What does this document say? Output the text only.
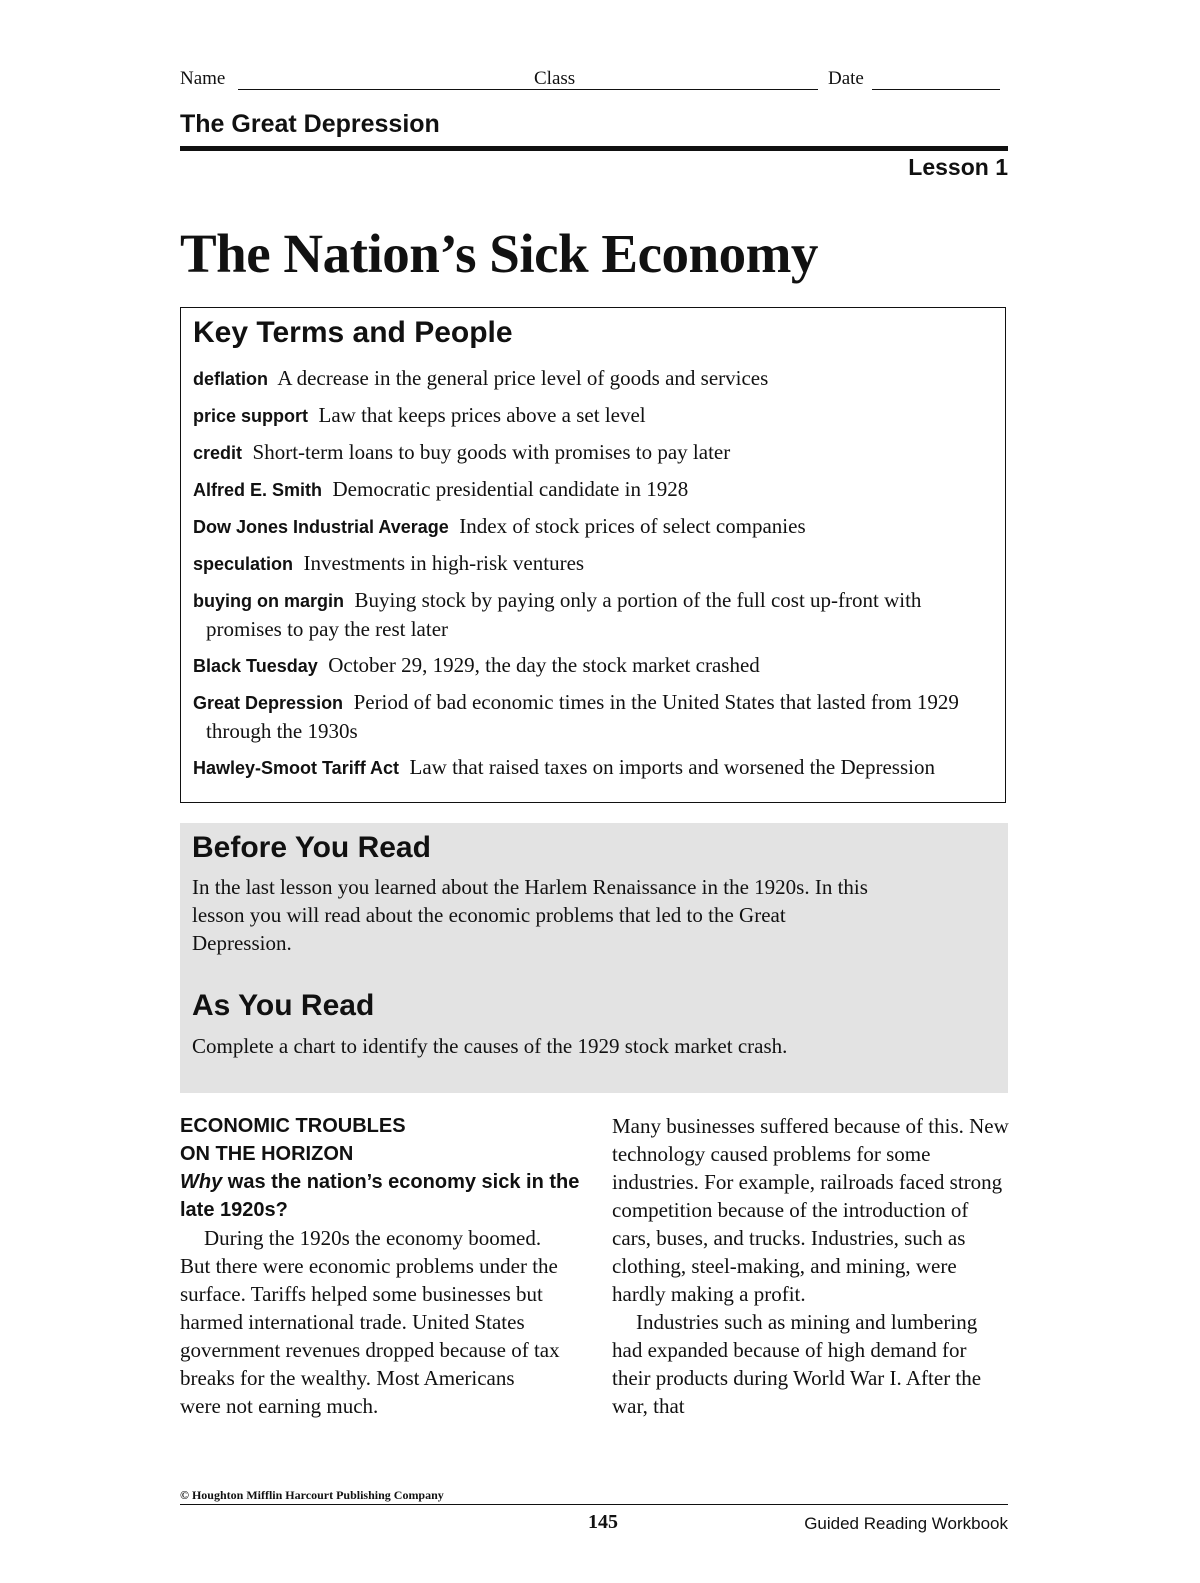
Name	Class	Date
The Great Depression
Lesson 1
The Nation’s Sick Economy
Key Terms and People
deflation A decrease in the general price level of goods and services
price support Law that keeps prices above a set level
credit Short-term loans to buy goods with promises to pay later
Alfred E. Smith Democratic presidential candidate in 1928
Dow Jones Industrial Average Index of stock prices of select companies
speculation Investments in high-risk ventures
buying on margin Buying stock by paying only a portion of the full cost up-front with promises to pay the rest later
Black Tuesday October 29, 1929, the day the stock market crashed
Great Depression Period of bad economic times in the United States that lasted from 1929 through the 1930s
Hawley-Smoot Tariff Act Law that raised taxes on imports and worsened the Depression
Before You Read
In the last lesson you learned about the Harlem Renaissance in the 1920s. In this lesson you will read about the economic problems that led to the Great Depression.
As You Read
Complete a chart to identify the causes of the 1929 stock market crash.
ECONOMIC TROUBLES
ON THE HORIZON
Why was the nation’s economy sick in the late 1920s?
During the 1920s the economy boomed. But there were economic problems under the surface. Tariffs helped some businesses but harmed international trade. United States government revenues dropped because of tax breaks for the wealthy. Most Americans were not earning much.
Many businesses suffered because of this. New technology caused problems for some industries. For example, railroads faced strong competition because of the introduction of cars, buses, and trucks. Industries, such as clothing, steel-making, and mining, were hardly making a profit.
Industries such as mining and lumbering had expanded because of high demand for their products during World War I. After the war, that
© Houghton Mifflin Harcourt Publishing Company
145	Guided Reading Workbook
